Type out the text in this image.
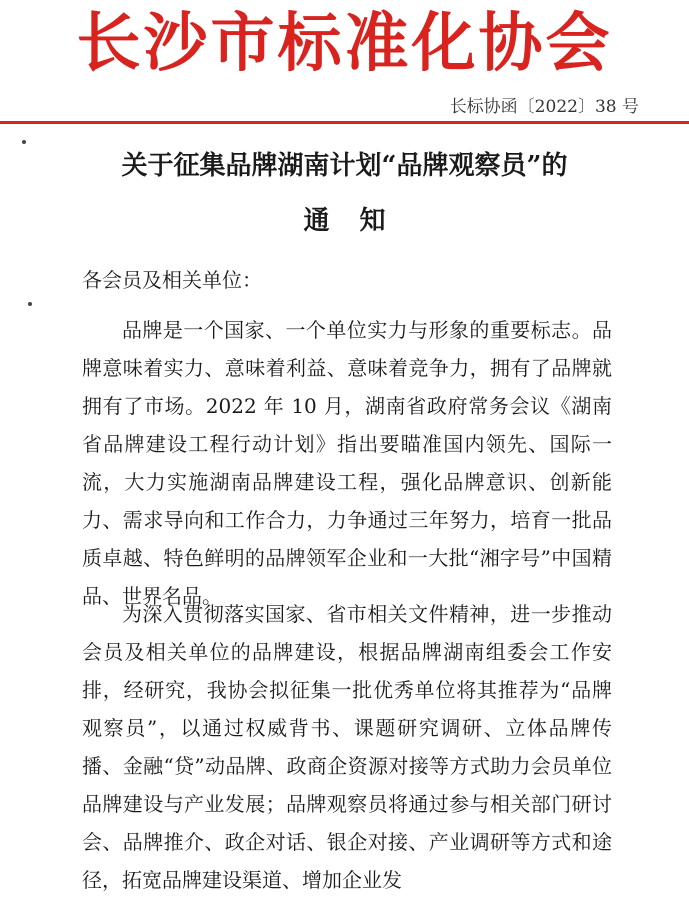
长沙市标准化协会
长标协函〔2022〕38 号
关于征集品牌湖南计划“品牌观察员”的
通知
各会员及相关单位：

品牌是一个国家、一个单位实力与形象的重要标志。品牌意味着实力、意味着利益、意味着竞争力，拥有了品牌就拥有了市场。2022 年 10 月，湖南省政府常务会议《湖南省品牌建设工程行动计划》指出要瞄准国内领先、国际一流，大力实施湖南品牌建设工程，强化品牌意识、创新能力、需求导向和工作合力，力争通过三年努力，培育一批品质卓越、特色鲜明的品牌领军企业和一大批“湘字号”中国精品、世界名品。

为深入贯彻落实国家、省市相关文件精神，进一步推动会员及相关单位的品牌建设，根据品牌湖南组委会工作安排，经研究，我协会拟征集一批优秀单位将其推荐为“品牌观察员”，以通过权威背书、课题研究调研、立体品牌传播、金融“贷”动品牌、政商企资源对接等方式助力会员单位品牌建设与产业发展；品牌观察员将通过参与相关部门研讨会、品牌推介、政企对话、银企对接、产业调研等方式和途径，拓宽品牌建设渠道、增加企业发
